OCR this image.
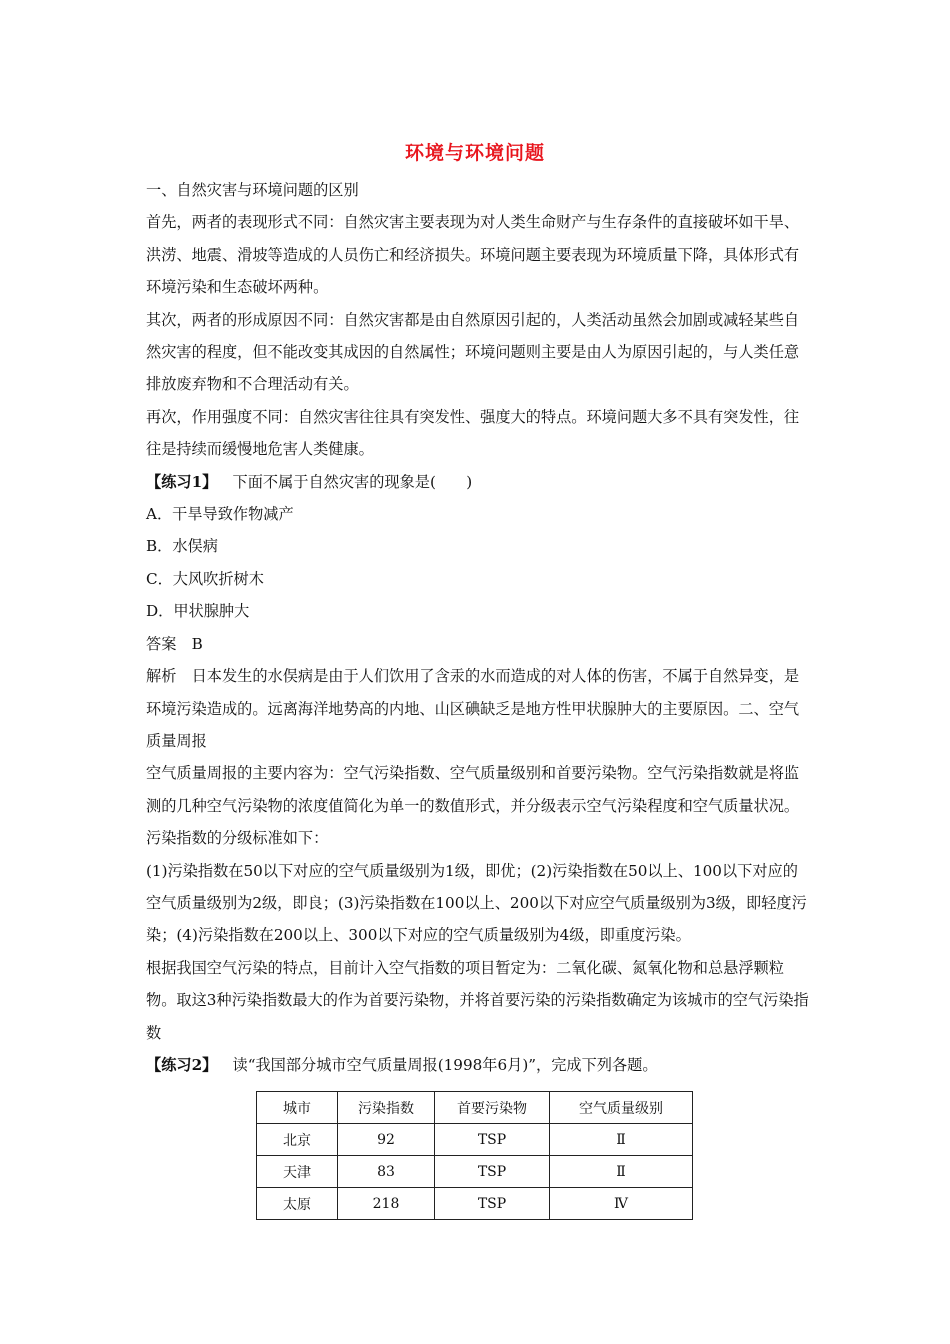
环境与环境问题

一、自然灾害与环境问题的区别

首先，两者的表现形式不同：自然灾害主要表现为对人类生命财产与生存条件的直接破坏如干旱、洪涝、地震、滑坡等造成的人员伤亡和经济损失。环境问题主要表现为环境质量下降，具体形式有环境污染和生态破坏两种。

其次，两者的形成原因不同：自然灾害都是由自然原因引起的，人类活动虽然会加剧或减轻某些自然灾害的程度，但不能改变其成因的自然属性；环境问题则主要是由人为原因引起的，与人类任意排放废弃物和不合理活动有关。

再次，作用强度不同：自然灾害往往具有突发性、强度大的特点。环境问题大多不具有突发性，往往是持续而缓慢地危害人类健康。

【练习1】  下面不属于自然灾害的现象是(　　)

A．干旱导致作物减产

B．水俣病

C．大风吹折树木

D．甲状腺肿大

答案　B

解析　日本发生的水俣病是由于人们饮用了含汞的水而造成的对人体的伤害，不属于自然异变，是环境污染造成的。远离海洋地势高的内地、山区碘缺乏是地方性甲状腺肿大的主要原因。二、空气质量周报

空气质量周报的主要内容为：空气污染指数、空气质量级别和首要污染物。空气污染指数就是将监测的几种空气污染物的浓度值简化为单一的数值形式，并分级表示空气污染程度和空气质量状况。污染指数的分级标准如下：

(1)污染指数在50以下对应的空气质量级别为1级，即优；(2)污染指数在50以上、100以下对应的空气质量级别为2级，即良；(3)污染指数在100以上、200以下对应空气质量级别为3级，即轻度污染；(4)污染指数在200以上、300以下对应的空气质量级别为4级，即重度污染。

根据我国空气污染的特点，目前计入空气指数的项目暂定为：二氧化碳、氮氧化物和总悬浮颗粒物。取这3种污染指数最大的作为首要污染物，并将首要污染的污染指数确定为该城市的空气污染指数

【练习2】  读“我国部分城市空气质量周报(1998年6月)”，完成下列各题。

城市	污染指数	首要污染物	空气质量级别
北京	92	TSP	Ⅱ
天津	83	TSP	Ⅱ
太原	218	TSP	Ⅳ
